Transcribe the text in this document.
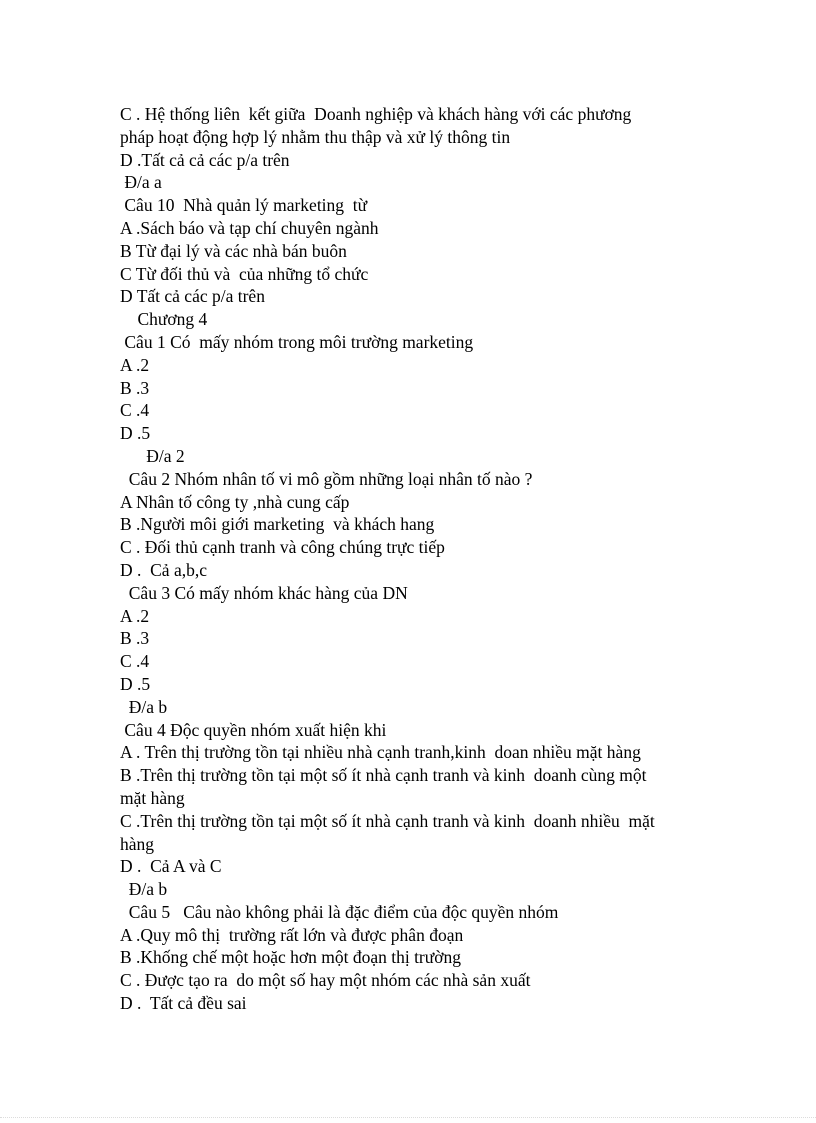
C . Hệ thống liên  kết giữa  Doanh nghiệp và khách hàng với các phương
pháp hoạt động hợp lý nhằm thu thập và xử lý thông tin
D .Tất cả cả các p/a trên
Đ/a a
Câu 10  Nhà quản lý marketing  từ
A .Sách báo và tạp chí chuyên ngành
B Từ đại lý và các nhà bán buôn
C Từ đối thủ và  của những tổ chức
D Tất cả các p/a trên
Chương 4
Câu 1 Có  mấy nhóm trong môi trường marketing
A .2
B .3
C .4
D .5
Đ/a 2
Câu 2 Nhóm nhân tố vi mô gồm những loại nhân tố nào ?
A Nhân tố công ty ,nhà cung cấp
B .Người môi giới marketing  và khách hang
C . Đối thủ cạnh tranh và công chúng trực tiếp
D .  Cả a,b,c
Câu 3 Có mấy nhóm khác hàng của DN
A .2
B .3
C .4
D .5
Đ/a b
Câu 4 Độc quyền nhóm xuất hiện khi
A . Trên thị trường tồn tại nhiều nhà cạnh tranh,kinh  doan nhiều mặt hàng
B .Trên thị trường tồn tại một số ít nhà cạnh tranh và kinh  doanh cùng một
mặt hàng
C .Trên thị trường tồn tại một số ít nhà cạnh tranh và kinh  doanh nhiều  mặt
hàng
D .  Cả A và C
Đ/a b
Câu 5   Câu nào không phải là đặc điểm của độc quyền nhóm
A .Quy mô thị  trường rất lớn và được phân đoạn
B .Khống chế một hoặc hơn một đoạn thị trường
C . Được tạo ra  do một số hay một nhóm các nhà sản xuất
D .  Tất cả đều sai
